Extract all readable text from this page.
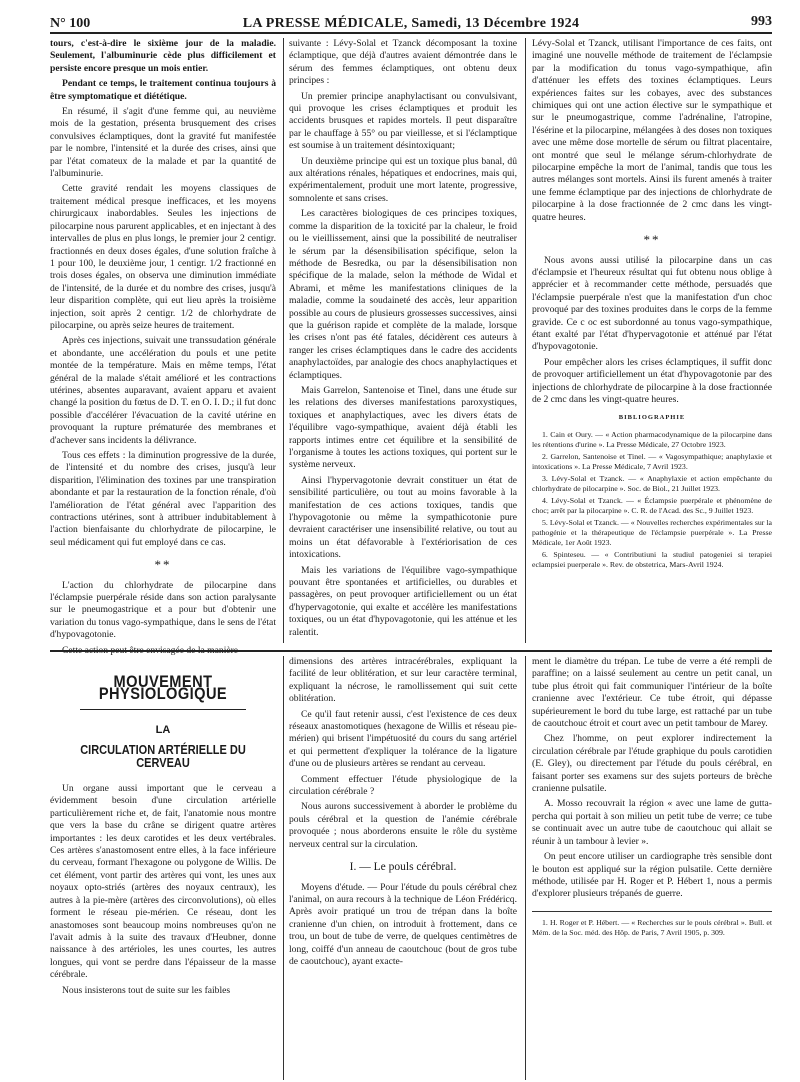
N° 100	LA PRESSE MÉDICALE, Samedi, 13 Décembre 1924	993

tours, c'est-à-dire le sixième jour de la maladie. Seulement, l'albuminurie cède plus difficilement et persiste encore presque un mois entier.

Pendant ce temps, le traitement continua toujours à être symptomatique et diététique.

En résumé, il s'agit d'une femme qui, au neuvième mois de la gestation, présenta brusquement des crises convulsives éclamptiques, dont la gravité fut manifestée par le nombre, l'intensité et la durée des crises, ainsi que par l'état comateux de la malade et par la quantité de l'albuminurie.

Cette gravité rendait les moyens classiques de traitement médical presque inefficaces, et les moyens chirurgicaux inabordables. Seules les injections de pilocarpine nous parurent applicables, et en injectant à des intervalles de plus en plus longs, le premier jour 2 centigr. fractionnés en deux doses égales, d'une solution fraîche à 1 pour 100, le deuxième jour, 1 centigr. 1/2 fractionné en trois doses égales, on observa une diminution immédiate de l'intensité, de la durée et du nombre des crises, jusqu'à leur disparition complète, qui eut lieu après la troisième injection, soit après 2 centigr. 1/2 de chlorhydrate de pilocarpine, ou après seize heures de traitement.

Après ces injections, suivait une transsudation générale et abondante, une accélération du pouls et une petite montée de la température. Mais en même temps, l'état général de la malade s'était amélioré et les contractions utérines, absentes auparavant, avaient apparu et avaient changé la position du fœtus de D. T. en O. I. D.; il fut donc possible d'accélérer l'évacuation de la cavité utérine en provoquant la rupture prématurée des membranes et d'achever sans incidents la délivrance.

Tous ces effets : la diminution progressive de la durée, de l'intensité et du nombre des crises, jusqu'à leur disparition, l'élimination des toxines par une transpiration abondante et par la restauration de la fonction rénale, d'où l'amélioration de l'état général avec l'apparition des contractions utérines, sont à attribuer indubitablement à l'action bienfaisante du chlorhydrate de pilocarpine, le seul médicament qui fut employé dans ce cas.

**

L'action du chlorhydrate de pilocarpine dans l'éclampsie puerpérale réside dans son action paralysante sur le pneumogastrique et a pour but d'obtenir une variation du tonus vago-sympathique, dans le sens de l'état d'hypovagotonie.

Cette action peut être envisagée de la manière

suivante : Lévy-Solal et Tzanck décomposant la toxine éclamptique, que déjà d'autres avaient démontrée dans le sérum des femmes éclamptiques, ont obtenu deux principes :

Un premier principe anaphylactisant ou convulsivant, qui provoque les crises éclamptiques et produit les accidents brusques et rapides mortels. Il peut disparaître par le chauffage à 55° ou par vieillesse, et si l'éclamptique est soumise à un traitement désintoxiquant;

Un deuxième principe qui est un toxique plus banal, dû aux altérations rénales, hépatiques et endocrines, mais qui, expérimentalement, produit une mort latente, progressive, somnolente et sans crises.

Les caractères biologiques de ces principes toxiques, comme la disparition de la toxicité par la chaleur, le froid ou le vieillissement, ainsi que la possibilité de neutraliser le sérum par la désensibilisation spécifique, selon la méthode de Besredka, ou par la désensibilisation non spécifique de la malade, selon la méthode de Widal et Abrami, et même les manifestations cliniques de la maladie, comme la soudaineté des accès, leur apparition possible au cours de plusieurs grossesses successives, ainsi que la guérison rapide et complète de la malade, lorsque les crises n'ont pas été fatales, décidèrent ces auteurs à ranger les crises éclamptiques dans le cadre des accidents anaphylactoïdes, par analogie des chocs anaphylactiques et éclamptiques.

Mais Garrelon, Santenoise et Tinel, dans une étude sur les relations des diverses manifestations paroxystiques, toxiques et anaphylactiques, avec les divers états de l'équilibre vago-sympathique, avaient déjà établi les rapports intimes entre cet équilibre et la sensibilité de l'organisme à toutes les actions toxiques, qui portent sur le système nerveux.

Ainsi l'hypervagotonie devrait constituer un état de sensibilité particulière, ou tout au moins favorable à la manifestation de ces actions toxiques, tandis que l'hypovagotonie ou même la sympathicotonie pure devraient caractériser une insensibilité relative, ou tout au moins un état défavorable à l'extériorisation de ces intoxications.

Mais les variations de l'équilibre vago-sympathique pouvant être spontanées et artificielles, ou durables et passagères, on peut provoquer artificiellement ou un état d'hypervagotonie, qui exalte et accélère les manifestations toxiques, ou un état d'hypovagotonie, qui les atténue et les ralentit.

Lévy-Solal et Tzanck, utilisant l'importance de ces faits, ont imaginé une nouvelle méthode de traitement de l'éclampsie par la modification du tonus vago-sympathique, afin d'atténuer les effets des toxines éclamptiques. Leurs expériences faites sur les cobayes, avec des substances chimiques qui ont une action élective sur le sympathique et sur le pneumogastrique, comme l'adrénaline, l'atropine, l'ésérine et la pilocarpine, mélangées à des doses non toxiques avec une même dose mortelle de sérum ou filtrat placentaire, ont montré que seul le mélange sérum-chlorhydrate de pilocarpine empêche la mort de l'animal, tandis que tous les autres mélanges sont mortels. Ainsi ils furent amenés à traiter une femme éclamptique par des injections de chlorhydrate de pilocarpine à la dose fractionnée de 2 cmc dans les vingt-quatre heures.

**

Nous avons aussi utilisé la pilocarpine dans un cas d'éclampsie et l'heureux résultat qui fut obtenu nous oblige à apprécier et à recommander cette méthode, persuadés que l'éclampsie puerpérale n'est que la manifestation d'un choc provoqué par des toxines produites dans le corps de la femme gravide. Ce c oc est subordonné au tonus vago-sympathique, étant exalté par l'état d'hypervagotonie et atténué par l'état d'hypovagotonie.

Pour empêcher alors les crises éclamptiques, il suffit donc de provoquer artificiellement un état d'hypovagotonie par des injections de chlorhydrate de pilocarpine à la dose fractionnée de 2 cmc dans les vingt-quatre heures.

BIBLIOGRAPHIE
1. Cain et Oury. — « Action pharmacodynamique de la pilocarpine dans les rétentions d'urine ». La Presse Médicale, 27 Octobre 1923.
2. Garrelon, Santenoise et Tinel. — « Vagosympathique; anaphylaxie et intoxications ». La Presse Médicale, 7 Avril 1923.
3. Lévy-Solal et Tzanck. — « Anaphylaxie et action empêchante du chlorhydrate de pilocarpine ». Soc. de Biol., 21 Juillet 1923.
4. Lévy-Solal et Tzanck. — « Éclampsie puerpérale et phénomène de choc; arrêt par la pilocarpine ». C. R. de l'Acad. des Sc., 9 Juillet 1923.
5. Lévy-Solal et Tzanck. — « Nouvelles recherches expérimentales sur la pathogénie et la thérapeutique de l'éclampsie puerpérale ». La Presse Médicale, 1er Août 1923.
6. Spinteseu. — « Contributiuni la studiul patogeniei si terapiei eclampsiei puerperale ». Rev. de obstetrica, Mars-Avril 1924.
MOUVEMENT PHYSIOLOGIQUE
LA
CIRCULATION ARTÉRIELLE DU CERVEAU

Un organe aussi important que le cerveau a évidemment besoin d'une circulation artérielle particulièrement riche et, de fait, l'anatomie nous montre que vers la base du crâne se dirigent quatre artères importantes : les deux carotides et les deux vertébrales. Ces artères s'anastomosent entre elles, à la face inférieure du cerveau, formant l'hexagone ou polygone de Willis. De cet élément, vont partir des artères qui vont, les unes aux noyaux opto-striés (artères des noyaux centraux), les autres à la pie-mère (artères des circonvolutions), où elles forment le réseau pie-mérien. Ce réseau, dont les anastomoses sont beaucoup moins nombreuses qu'on ne l'avait admis à la suite des travaux d'Heubner, donne naissance à des artérioles, les unes courtes, les autres longues, qui vont se perdre dans l'épaisseur de la masse cérébrale.

Nous insisterons tout de suite sur les faibles

dimensions des artères intracérébrales, expliquant la facilité de leur oblitération, et sur leur caractère terminal, expliquant la nécrose, le ramollissement qui suit cette oblitération.

Ce qu'il faut retenir aussi, c'est l'existence de ces deux réseaux anastomotiques (hexagone de Willis et réseau pie-mérien) qui brisent l'impétuosité du cours du sang artériel et qui permettent d'expliquer la tolérance de la ligature d'une ou de plusieurs artères se rendant au cerveau.

Comment effectuer l'étude physiologique de la circulation cérébrale ?

Nous aurons successivement à aborder le problème du pouls cérébral et la question de l'anémie cérébrale provoquée ; nous aborderons ensuite le rôle du système nerveux central sur la circulation.

I. — Le pouls cérébral.

Moyens d'étude. — Pour l'étude du pouls cérébral chez l'animal, on aura recours à la technique de Léon Frédéricq. Après avoir pratiqué un trou de trépan dans la boîte cranienne d'un chien, on introduit à frottement, dans ce trou, un bout de tube de verre, de quelques centimètres de long, coiffé d'un anneau de caoutchouc (bout de gros tube de caoutchouc), ayant exacte-

ment le diamètre du trépan. Le tube de verre a été rempli de paraffine; on a laissé seulement au centre un petit canal, un tube plus étroit qui fait communiquer l'intérieur de la boîte cranienne avec l'extérieur. Ce tube étroit, qui dépasse supérieurement le bord du tube large, est rattaché par un tube de caoutchouc étroit et court avec un petit tambour de Marey.

Chez l'homme, on peut explorer indirectement la circulation cérébrale par l'étude graphique du pouls carotidien (E. Gley), ou directement par l'étude du pouls cérébral, en faisant porter ses examens sur des sujets porteurs de brèche cranienne pulsatile.

A. Mosso recouvrait la région « avec une lame de gutta-percha qui portait à son milieu un petit tube de verre; ce tube se continuait avec un autre tube de caoutchouc qui allait se réunir à un tambour à levier ».

On peut encore utiliser un cardiographe très sensible dont le bouton est appliqué sur la région pulsatile. Cette dernière méthode, utilisée par H. Roger et P. Hébert 1, nous a permis d'explorer plusieurs trépanés de guerre.

1. H. Roger et P. Hébert. — « Recherches sur le pouls cérébral ». Bull. et Mém. de la Soc. méd. des Hôp. de Paris, 7 Avril 1905, p. 309.
